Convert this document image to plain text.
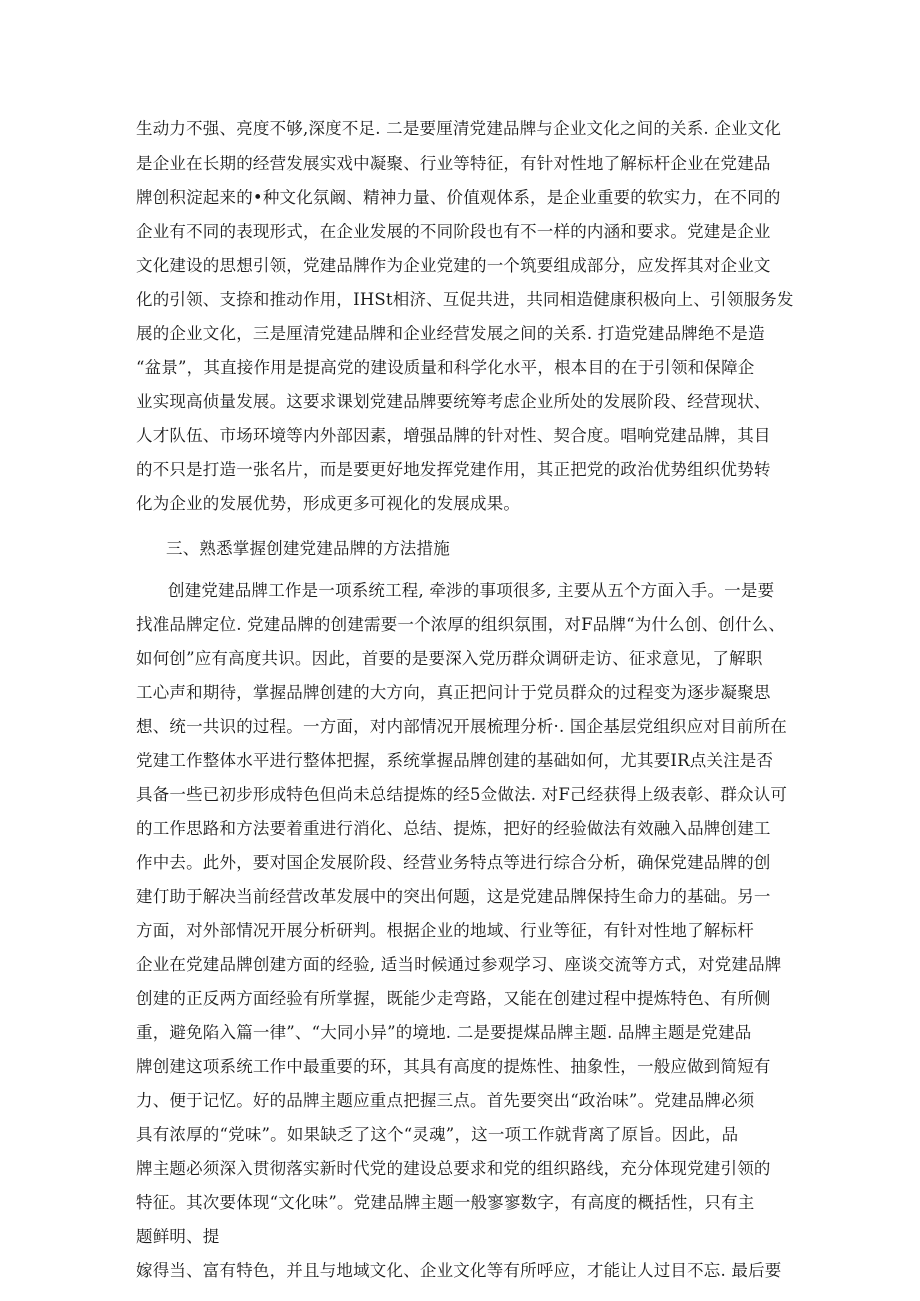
生动力不强、亮度不够,深度不足. 二是要厘清党建品牌与企业文化之间的关系. 企业文化
是企业在长期的经营发展实戏中凝聚、行业等特征，有针对性地了解标杆企业在党建品
牌创积淀起来的•种文化氛阚、精神力量、价值观体系，是企业重要的软实力，在不同的
企业有不同的表现形式，在企业发展的不同阶段也有不一样的内涵和要求。党建是企业
文化建设的思想引领，党建品牌作为企业党建的一个筑要组成部分，应发挥其对企业文
化的引领、支捺和推动作用，IHSt相济、互促共进，共同相造健康积极向上、引领服务发
展的企业文化，三是厘清党建品牌和企业经营发展之间的关系. 打造党建品牌绝不是造
“盆景”，其直接作用是提高党的建设质量和科学化水平，根本目的在于引领和保障企
业实现高侦量发展。这要求课划党建品牌要统筹考虑企业所处的发展阶段、经营现状、
人才队伍、市场环境等内外部因素，增强品牌的针对性、契合度。唱响党建品牌，其目
的不只是打造一张名片，而是要更好地发挥党建作用，其正把党的政治优势组织优势转
化为企业的发展优势，形成更多可视化的发展成果。
三、熟悉掌握创建党建品牌的方法措施
创建党建品牌工作是一项系统工程, 牵涉的事项很多, 主要从五个方面入手。一是要
找准品牌定位. 党建品牌的创建需要一个浓厚的组织氛围，对F品牌“为什么创、创什么、
如何创”应有高度共识。因此，首要的是要深入党历群众调研走访、征求意见，了解职
工心声和期待，掌握品牌创建的大方向，真正把问计于党员群众的过程变为逐步凝聚思
想、统一共识的过程。一方面，对内部情况开展梳理分析·. 国企基层党组织应对目前所在
党建工作整体水平进行整体把握，系统掌握品牌创建的基础如何，尤其要IR点关注是否
具备一些已初步形成特色但尚未总结提炼的经5佥做法. 对F己经获得上级表彰、群众认可
的工作思路和方法要着重进行消化、总结、提炼，把好的经验做法有效融入品牌创建工
作中去。此外，要对国企发展阶段、经营业务特点等进行综合分析，确保党建品牌的创
建仃助于解决当前经营改革发展中的突出何题，这是党建品牌保持生命力的基础。另一
方面，对外部情况开展分析研判。根据企业的地域、行业等征，有针对性地了解标杆
企业在党建品牌创建方面的经验, 适当时候通过参观学习、座谈交流等方式，对党建品牌
创建的正反两方面经验有所掌握，既能少走弯路，又能在创建过程中提炼特色、有所侧
重，避免陷入篇一律”、“大同小异”的境地. 二是要提煤品牌主题. 品牌主题是党建品
牌创建这项系统工作中最重要的环，其具有高度的提炼性、抽象性，一般应做到简短有
力、便于记忆。好的品牌主题应重点把握三点。首先要突出“政治味”。党建品牌必须
具有浓厚的“党味”。如果缺乏了这个“灵魂”，这一项工作就背离了原旨。因此，品
牌主题必须深入贯彻落实新时代党的建设总要求和党的组织路线，充分体现党建引领的
特征。其次要体现“文化味”。党建品牌主题一般寥寥数字，有高度的概括性，只有主
题鲜明、提
嫁得当、富有特色，并且与地域文化、企业文化等有所呼应，才能让人过目不忘. 最后要
